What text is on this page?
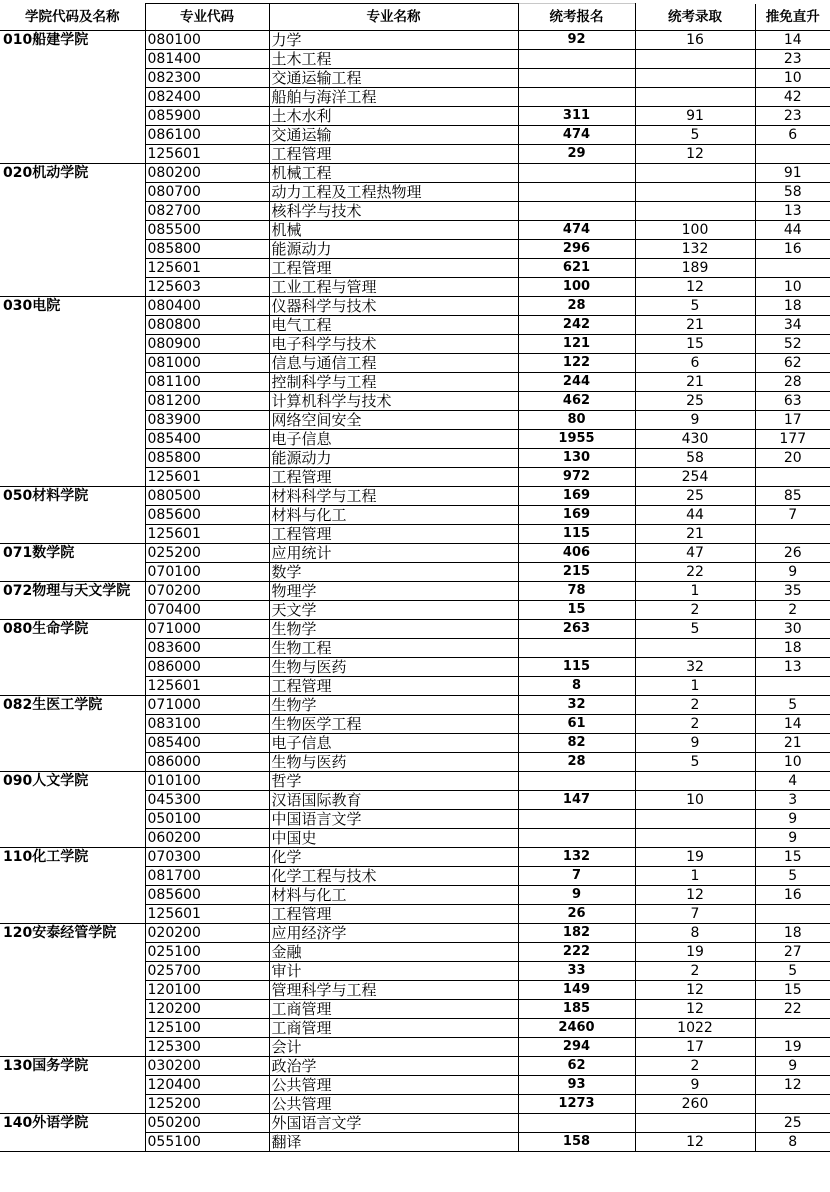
学院代码及名称	专业代码	专业名称	统考报名	统考录取	推免直升
010船建学院	080100	力学	92	16	14
	081400	土木工程			23
	082300	交通运输工程			10
	082400	船舶与海洋工程			42
	085900	土木水利	311	91	23
	086100	交通运输	474	5	6
	125601	工程管理	29	12	
020机动学院	080200	机械工程			91
	080700	动力工程及工程热物理			58
	082700	核科学与技术			13
	085500	机械	474	100	44
	085800	能源动力	296	132	16
	125601	工程管理	621	189	
	125603	工业工程与管理	100	12	10
030电院	080400	仪器科学与技术	28	5	18
	080800	电气工程	242	21	34
	080900	电子科学与技术	121	15	52
	081000	信息与通信工程	122	6	62
	081100	控制科学与工程	244	21	28
	081200	计算机科学与技术	462	25	63
	083900	网络空间安全	80	9	17
	085400	电子信息	1955	430	177
	085800	能源动力	130	58	20
	125601	工程管理	972	254	
050材料学院	080500	材料科学与工程	169	25	85
	085600	材料与化工	169	44	7
	125601	工程管理	115	21	
071数学院	025200	应用统计	406	47	26
	070100	数学	215	22	9
072物理与天文学院	070200	物理学	78	1	35
	070400	天文学	15	2	2
080生命学院	071000	生物学	263	5	30
	083600	生物工程			18
	086000	生物与医药	115	32	13
	125601	工程管理	8	1	
082生医工学院	071000	生物学	32	2	5
	083100	生物医学工程	61	2	14
	085400	电子信息	82	9	21
	086000	生物与医药	28	5	10
090人文学院	010100	哲学			4
	045300	汉语国际教育	147	10	3
	050100	中国语言文学			9
	060200	中国史			9
110化工学院	070300	化学	132	19	15
	081700	化学工程与技术	7	1	5
	085600	材料与化工	9	12	16
	125601	工程管理	26	7	
120安泰经管学院	020200	应用经济学	182	8	18
	025100	金融	222	19	27
	025700	审计	33	2	5
	120100	管理科学与工程	149	12	15
	120200	工商管理	185	12	22
	125100	工商管理	2460	1022	
	125300	会计	294	17	19
130国务学院	030200	政治学	62	2	9
	120400	公共管理	93	9	12
	125200	公共管理	1273	260	
140外语学院	050200	外国语言文学			25
	055100	翻译	158	12	8
